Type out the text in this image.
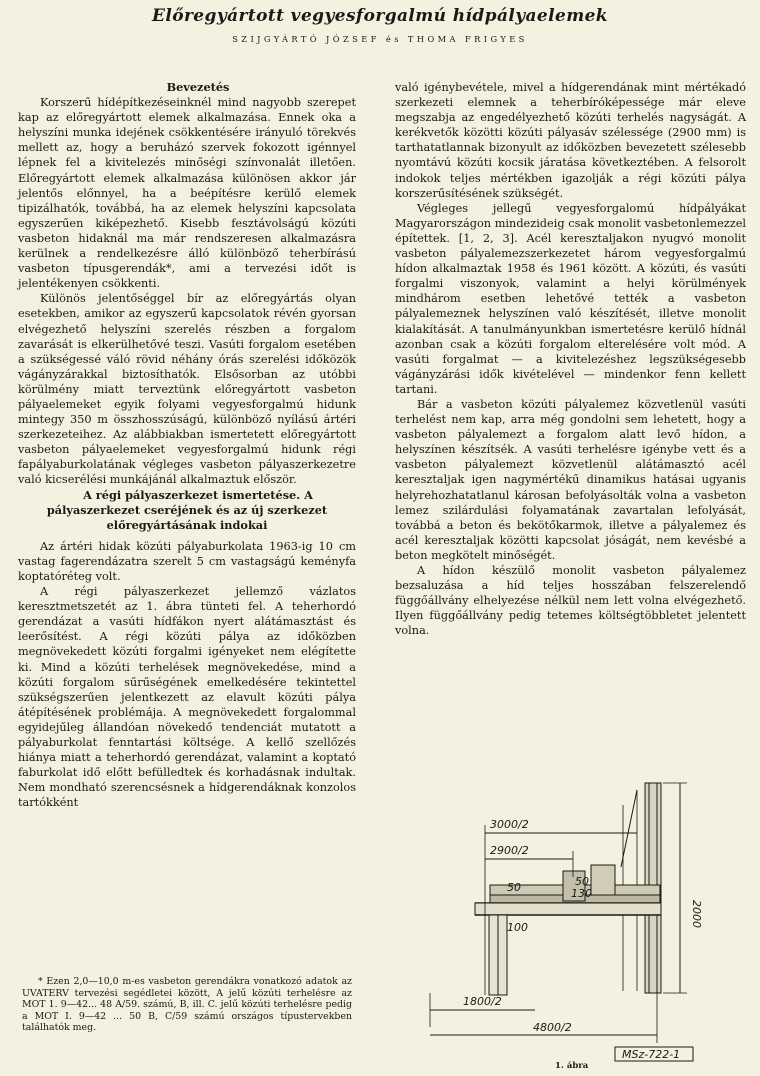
Előregyártott vegyesforgalmú hídpályaelemek
SZIJGYÁRTÓ JÓZSEF és THOMA FRIGYES

Bevezetés

Korszerű hídépítkezéseinknél mind nagyobb szerepet kap az előregyártott elemek alkalmazása. Ennek oka a helyszíni munka idejének csökkentésére irányuló törekvés mellett az, hogy a beruházó szervek fokozott igénnyel lépnek fel a kivitelezés minőségi színvonalát illetően. Előregyártott elemek alkalmazása különösen akkor jár jelentős előnnyel, ha a beépítésre kerülő elemek tipizálhatók, továbbá, ha az elemek helyszíni kapcsolata egyszerűen kiképezhető. Kisebb fesztávolságú közúti vasbeton hidaknál ma már rendszeresen alkalmazásra kerülnek a rendelkezésre álló különböző teherbírású vasbeton típusgerendák*, ami a tervezési időt is jelentékenyen csökkenti.

Különös jelentőséggel bír az előregyártás olyan esetekben, amikor az egyszerű kapcsolatok révén gyorsan elvégezhető helyszíni szerelés részben a forgalom zavarását is elkerülhetővé teszi. Vasúti forgalom esetében a szükségessé váló rövid néhány órás szerelési időközök vágányzárakkal biztosíthatók. Elsősorban az utóbbi körülmény miatt terveztünk előregyártott vasbeton pályaelemeket egyik folyami vegyesforgalmú hidunk mintegy 350 m összhosszúságú, különböző nyílású ártéri szerkezeteihez. Az alábbiakban ismertetett előregyártott vasbeton pályaelemeket vegyesforgalmú hidunk régi fapályaburkolatának végleges vasbeton pályaszerkezetre való kicserélési munkájánál alkalmaztuk először.

A régi pályaszerkezet ismertetése. A pályaszerkezet cseréjének és az új szerkezet előregyártásának indokai

Az ártéri hidak közúti pályaburkolata 1963-ig 10 cm vastag fagerendázatra szerelt 5 cm vastagságú keményfa koptatóréteg volt.

A régi pályaszerkezet jellemző vázlatos keresztmetszetét az 1. ábra tünteti fel. A teherhordó gerendázat a vasúti hídfákon nyert alátámasztást és leerősítést. A régi közúti pálya az időközben megnövekedett közúti forgalmi igényeket nem elégítette ki. Mind a közúti terhelések megnövekedése, mind a közúti forgalom sűrűségének emelkedésére tekintettel szükségszerűen jelentkezett az elavult közúti pálya átépítésének problémája. A megnövekedett forgalommal egyidejűleg állandóan növekedő tendenciát mutatott a pályaburkolat fenntartási költsége. A kellő szellőzés hiánya miatt a teherhordó gerendázat, valamint a koptató faburkolat idő előtt befülledtek és korhadásnak indultak. Nem mondható szerencsésnek a hídgerendáknak konzolos tartókként

* Ezen 2,0—10,0 m-es vasbeton gerendákra vonatkozó adatok az UVATERV tervezési segédletei között, A jelű közúti terhelésre az MOT 1. 9—42... 48 A/59. számú, B, ill. C. jelű közúti terhelésre pedig a MOT I. 9—42 ... 50 B, C/59 számú országos típustervekben találhatók meg.

való igénybevétele, mivel a hídgerendának mint mértékadó szerkezeti elemnek a teherbíróképessége már eleve megszabja az engedélyezhető közúti terhelés nagyságát. A kerékvetők közötti közúti pályasáv szélessége (2900 mm) is tarthatatlannak bizonyult az időközben bevezetett szélesebb nyomtávú közúti kocsik járatása következtében. A felsorolt indokok teljes mértékben igazolják a régi közúti pálya korszerűsítésének szükségét.

Végleges jellegű vegyesforgalomú hídpályákat Magyarországon mindezideig csak monolit vasbetonlemezzel építettek. [1, 2, 3]. Acél keresztaljakon nyugvó monolit vasbeton pályalemezszerkezetet három vegyesforgalmú hídon alkalmaztak 1958 és 1961 között. A közúti, és vasúti forgalmi viszonyok, valamint a helyi körülmények mindhárom esetben lehetővé tették a vasbeton pályalemeznek helyszínen való készítését, illetve monolit kialakítását. A tanulmányunkban ismertetésre kerülő hídnál azonban csak a közúti forgalom elterelésére volt mód. A vasúti forgalmat — a kivitelezéshez legszükségesebb vágányzárási idők kivételével — mindenkor fenn kellett tartani.

Bár a vasbeton közúti pályalemez közvetlenül vasúti terhelést nem kap, arra még gondolni sem lehetett, hogy a vasbeton pályalemezt a forgalom alatt levő hídon, a helyszínen készítsék. A vasúti terhelésre igénybe vett és a vasbeton pályalemezt közvetlenül alátámasztó acél keresztaljak igen nagymértékű dinamikus hatásai ugyanis helyrehozhatatlanul károsan befolyásolták volna a vasbeton lemez szilárdulási folyamatának zavartalan lefolyását, továbbá a beton és bekötőkarmok, illetve a pályalemez és acél keresztaljak közötti kapcsolat jóságát, nem kevésbé a beton megkötelt minőségét.

A hídon készülő monolit vasbeton pályalemez bezsaluzása a híd teljes hosszában felszerelendő függőállvány elhelyezése nélkül nem lett volna elvégezhető. Ilyen függőállvány pedig tetemes költségtöbbletet jelentett volna.

3000/2
2900/2
50	50
130
100	2000
1800/2
4800/2
MSz-722-1
1. ábra
